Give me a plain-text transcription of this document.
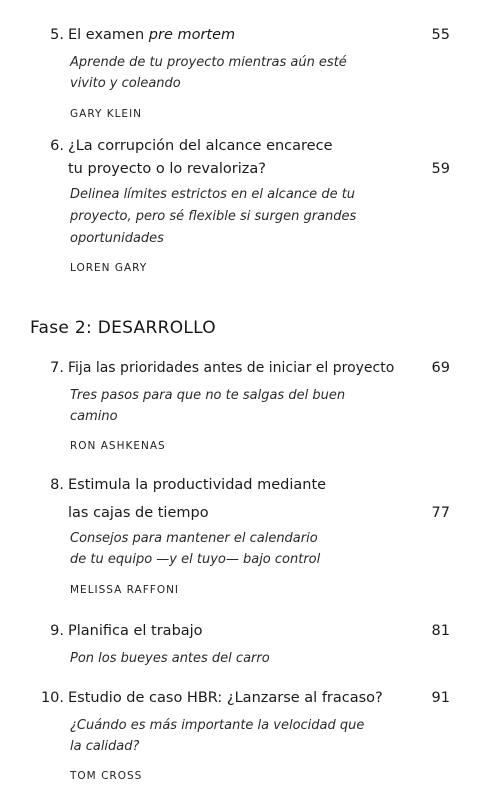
5. El examen pre mortem	55
Aprende de tu proyecto mientras aún esté
vivito y coleando
GARY KLEIN
6. ¿La corrupción del alcance encarece
tu proyecto o lo revaloriza?	59
Delinea límites estrictos en el alcance de tu
proyecto, pero sé flexible si surgen grandes
oportunidades
LOREN GARY
Fase 2: DESARROLLO
7. Fija las prioridades antes de iniciar el proyecto	69
Tres pasos para que no te salgas del buen
camino
RON ASHKENAS
8. Estimula la productividad mediante
las cajas de tiempo	77
Consejos para mantener el calendario
de tu equipo —y el tuyo— bajo control
MELISSA RAFFONI
9. Planifica el trabajo	81
Pon los bueyes antes del carro
10. Estudio de caso HBR: ¿Lanzarse al fracaso?	91
¿Cuándo es más importante la velocidad que
la calidad?
TOM CROSS
